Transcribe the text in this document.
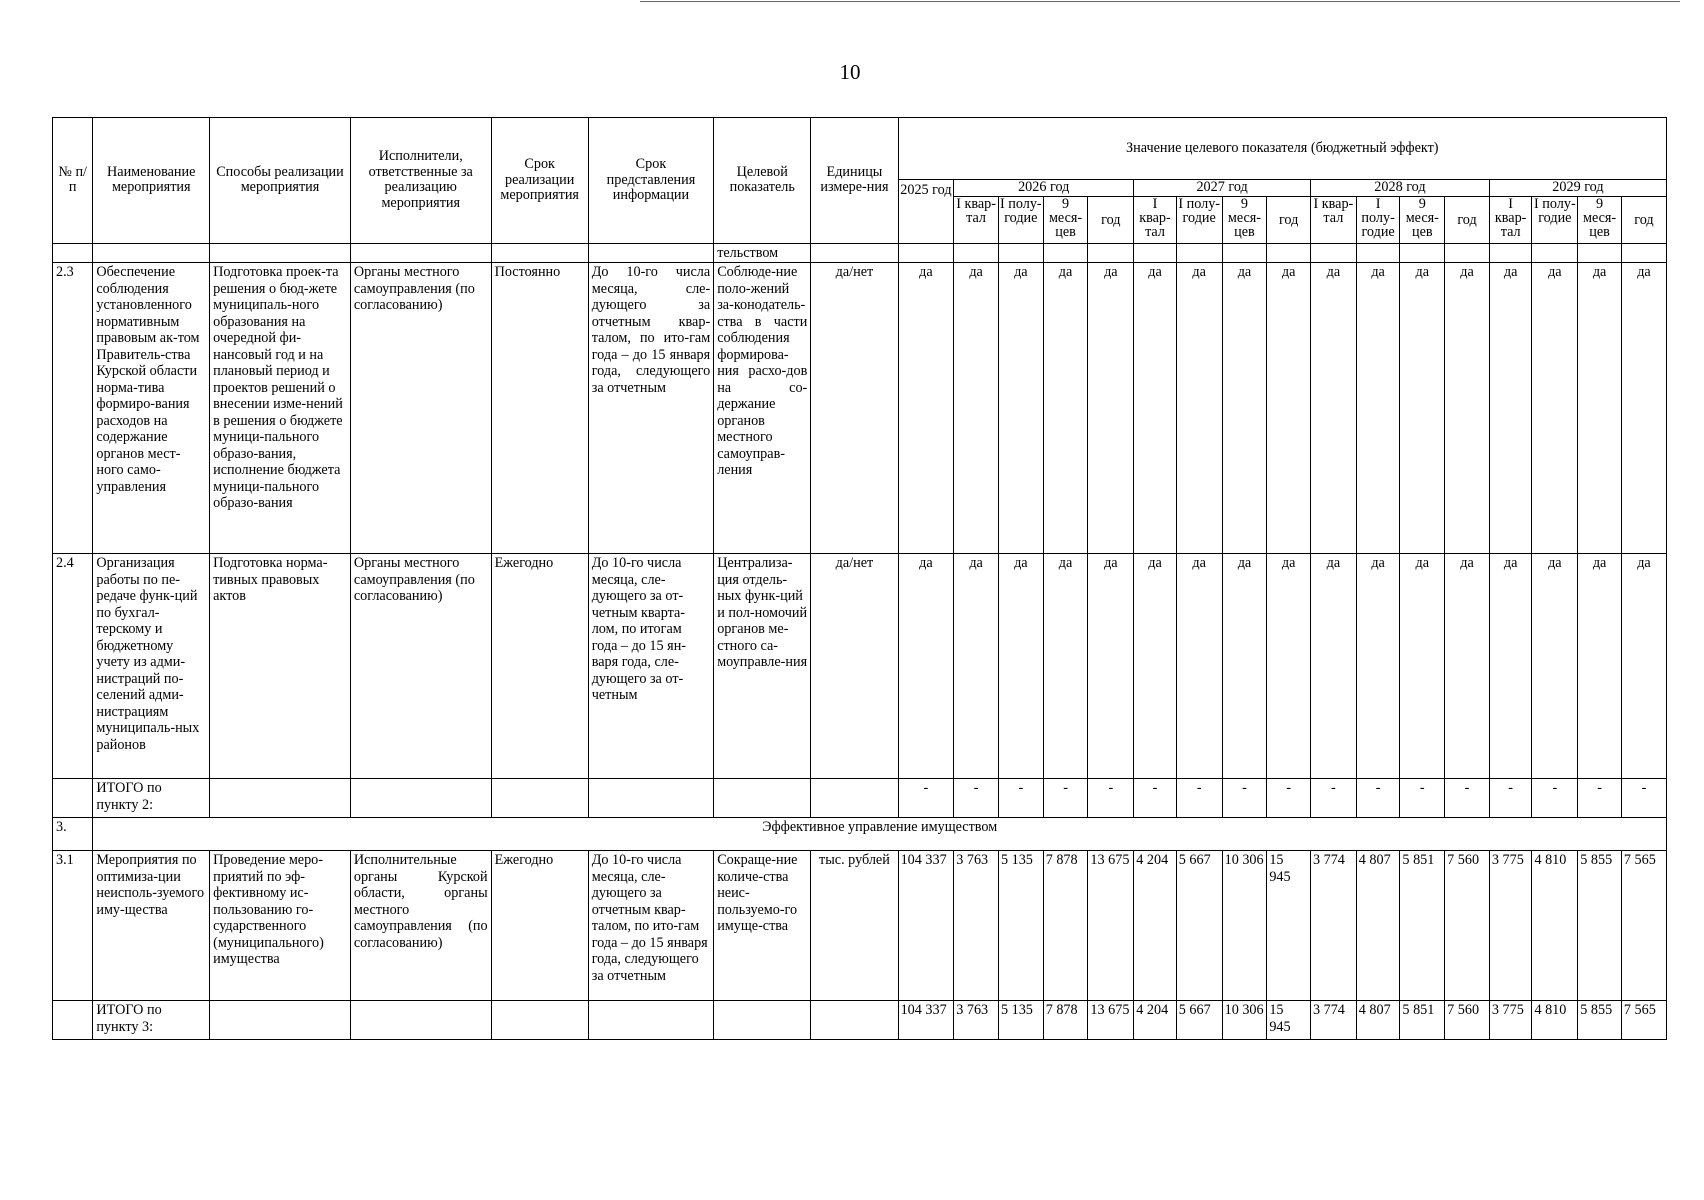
10
№ п/п	Наименование мероприятия	Способы реализации мероприятия	Исполнители, ответственные за реализацию мероприятия	Срок реализации мероприятия	Срок представления информации	Целевой показатель	Единицы измере-ния	Значение целевого показателя (бюджетный эффект)																
								2025 год	2026 год				2027 год				2028 год				2029 год			
									I квар-тал	I полу-годие	9 меся-цев	год	I квар-тал	I полу-годие	9 меся-цев	год	I квар-тал	I полу-годие	9 меся-цев	год	I квар-тал	I полу-годие	9 меся-цев	год
						тельством																		
2.3	Обеспечение соблюдения установленного нормативным правовым ак-том Правитель-ства Курской области норма-тива формиро-вания расходов на содержание органов мест-ного само-управления	Подготовка проек-та решения о бюд-жете муниципаль-ного образования на очередной фи-нансовый год и на плановый период и проектов решений о внесении изме-нений в решения о бюджете муници-пального образо-вания, исполнение бюджета муници-пального образо-вания	Органы местного самоуправления (по согласованию)	Постоянно	До 10-го числа месяца, сле-дующего за отчетным квар-талом, по ито-гам года – до 15 января года, следующего за отчетным	Соблюде-ние поло-жений за-конодатель-ства в части соблюдения формирова-ния расхо-дов на со-держание органов местного самоуправ-ления	да/нет	да	да	да	да	да	да	да	да	да	да	да	да	да	да	да	да	да
2.4	Организация работы по пе-редаче функ-ций по бухгал-терскому и бюджетному учету из адми-нистраций по-селений адми-нистрациям муниципаль-ных районов	Подготовка норма-тивных правовых актов	Органы местного самоуправления (по согласованию)	Ежегодно	До 10-го числа месяца, сле-дующего за от-четным кварта-лом, по итогам года – до 15 ян-варя года, сле-дующего за от-четным	Централиза-ция отдель-ных функ-ций и пол-номочий органов ме-стного са-моуправле-ния	да/нет	да	да	да	да	да	да	да	да	да	да	да	да	да	да	да	да	да
	ИТОГО по пункту 2:							-	-	-	-	-	-	-	-	-	-	-	-	-	-	-	-	-
3.	Эффективное управление имуществом																							
3.1	Мероприятия по оптимиза-ции неисполь-зуемого иму-щества	Проведение меро-приятий по эф-фективному ис-пользованию го-сударственного (муниципального) имущества	Исполнительные органы Курской области, органы местного самоуправления (по согласованию)	Ежегодно	До 10-го числа месяца, сле-дующего за отчетным квар-талом, по ито-гам года – до 15 января года, следующего за отчетным	Сокраще-ние количе-ства неис-пользуемо-го имуще-ства	тыс. рублей	104 337	3 763	5 135	7 878	13 675	4 204	5 667	10 306	15 945	3 774	4 807	5 851	7 560	3 775	4 810	5 855	7 565
	ИТОГО по пункту 3:							104 337	3 763	5 135	7 878	13 675	4 204	5 667	10 306	15 945	3 774	4 807	5 851	7 560	3 775	4 810	5 855	7 565
